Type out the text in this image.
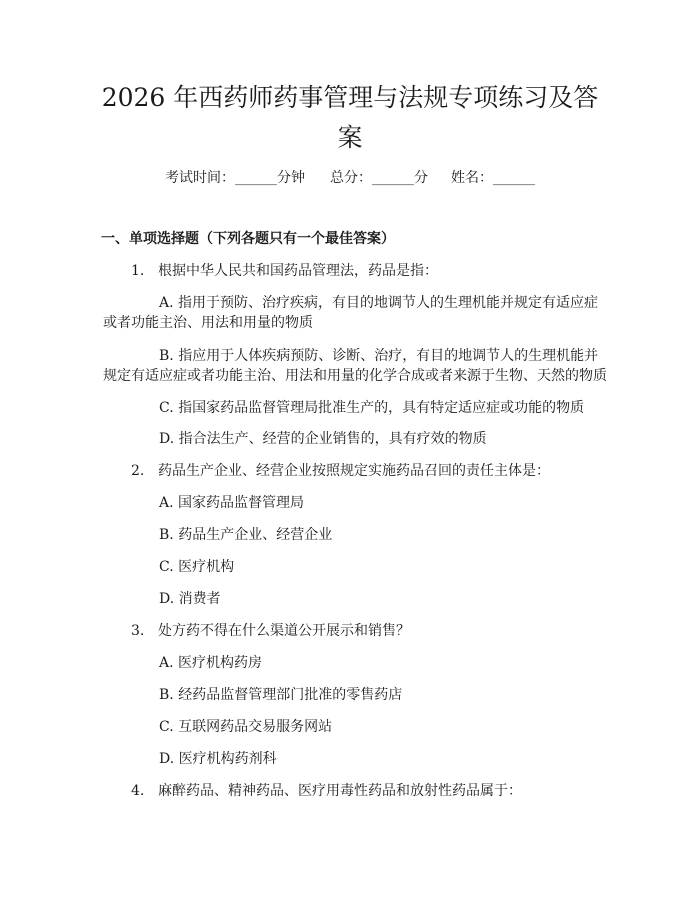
2026 年西药师药事管理与法规专项练习及答案
考试时间：______分钟 总分：______分 姓名：______
一、单项选择题（下列各题只有一个最佳答案）
1. 根据中华人民共和国药品管理法，药品是指：
A. 指用于预防、治疗疾病，有目的地调节人的生理机能并规定有适应症
或者功能主治、用法和用量的物质
B. 指应用于人体疾病预防、诊断、治疗，有目的地调节人的生理机能并
规定有适应症或者功能主治、用法和用量的化学合成或者来源于生物、天然的物质
C. 指国家药品监督管理局批准生产的，具有特定适应症或功能的物质
D. 指合法生产、经营的企业销售的，具有疗效的物质
2. 药品生产企业、经营企业按照规定实施药品召回的责任主体是：
A. 国家药品监督管理局
B. 药品生产企业、经营企业
C. 医疗机构
D. 消费者
3. 处方药不得在什么渠道公开展示和销售？
A. 医疗机构药房
B. 经药品监督管理部门批准的零售药店
C. 互联网药品交易服务网站
D. 医疗机构药剂科
4. 麻醉药品、精神药品、医疗用毒性药品和放射性药品属于：
